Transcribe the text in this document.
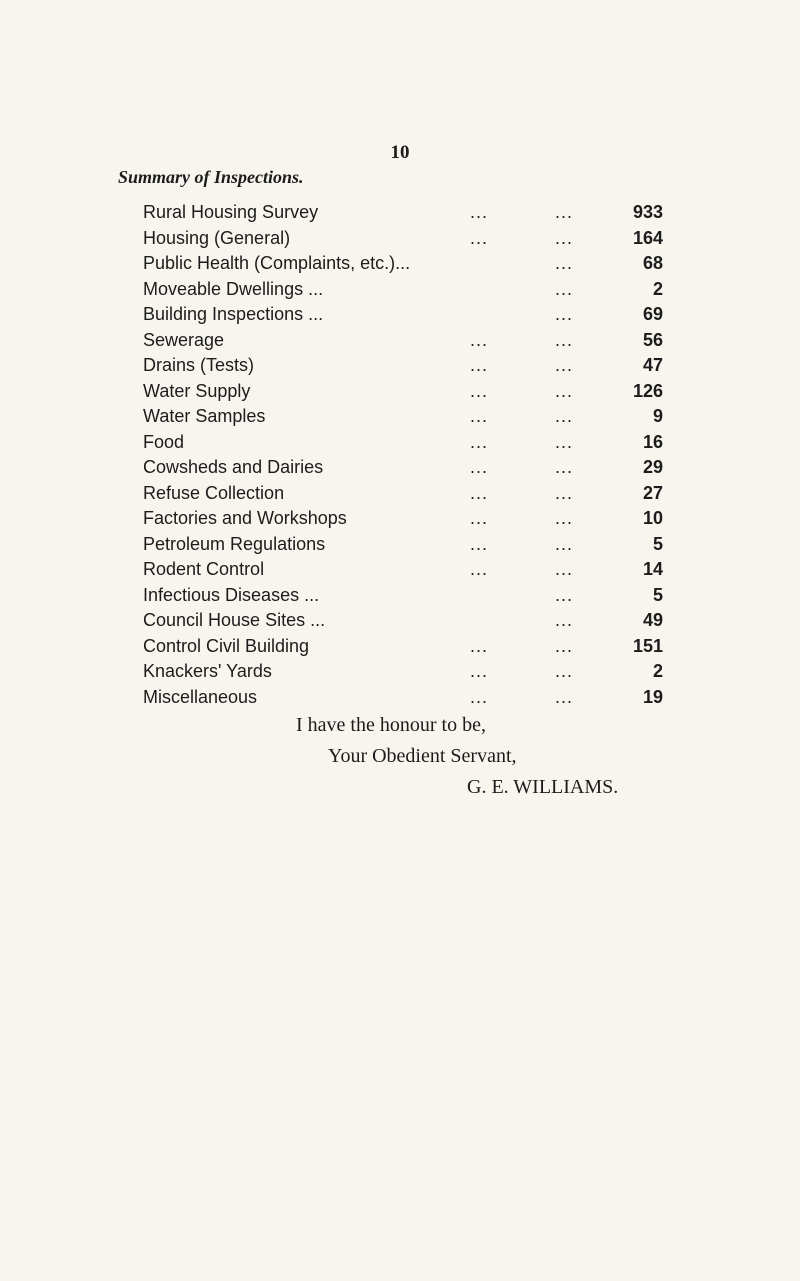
10
Summary of Inspections.
Rural Housing Survey	...	...	933
Housing (General)	...	...	164
Public Health (Complaints, etc.)...	...	68
Moveable Dwellings ...	...	2
Building Inspections ...	...	69
Sewerage	...	...	56
Drains (Tests)	...	...	47
Water Supply	...	...	126
Water Samples	...	...	9
Food	...	...	16
Cowsheds and Dairies	...	...	29
Refuse Collection	...	...	27
Factories and Workshops	...	...	10
Petroleum Regulations	...	...	5
Rodent Control	...	...	14
Infectious Diseases ...	...	5
Council House Sites ...	...	49
Control Civil Building	...	...	151
Knackers' Yards	...	...	2
Miscellaneous	...	...	19
I have the honour to be,
Your Obedient Servant,
G. E. WILLIAMS.
